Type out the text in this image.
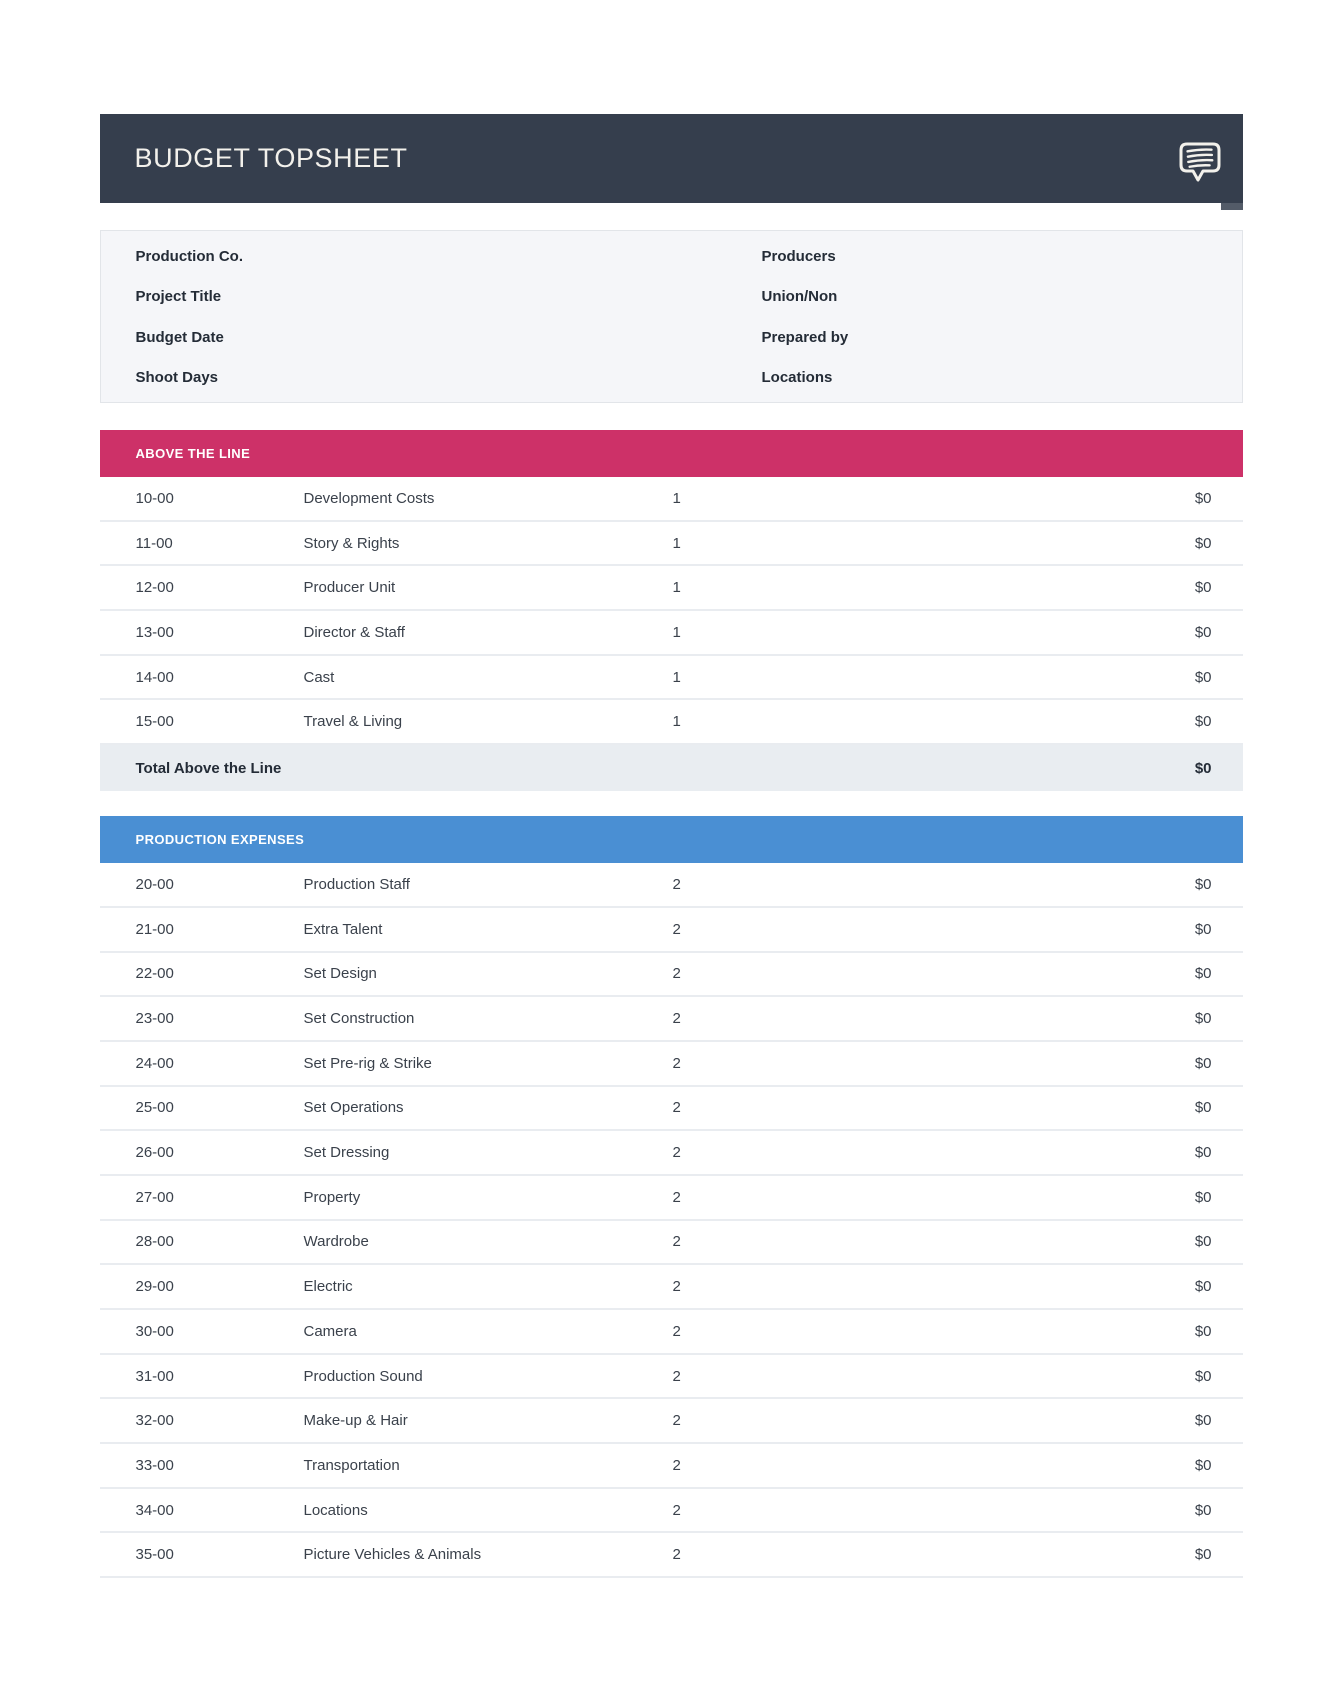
BUDGET TOPSHEET
Production Co.
Project Title
Budget Date
Shoot Days
Producers
Union/Non
Prepared by
Locations
ABOVE THE LINE
10-00	Development Costs	1	$0
11-00	Story & Rights	1	$0
12-00	Producer Unit	1	$0
13-00	Director & Staff	1	$0
14-00	Cast	1	$0
15-00	Travel & Living	1	$0
Total Above the Line	$0
PRODUCTION EXPENSES
20-00	Production Staff	2	$0
21-00	Extra Talent	2	$0
22-00	Set Design	2	$0
23-00	Set Construction	2	$0
24-00	Set Pre-rig & Strike	2	$0
25-00	Set Operations	2	$0
26-00	Set Dressing	2	$0
27-00	Property	2	$0
28-00	Wardrobe	2	$0
29-00	Electric	2	$0
30-00	Camera	2	$0
31-00	Production Sound	2	$0
32-00	Make-up & Hair	2	$0
33-00	Transportation	2	$0
34-00	Locations	2	$0
35-00	Picture Vehicles & Animals	2	$0
